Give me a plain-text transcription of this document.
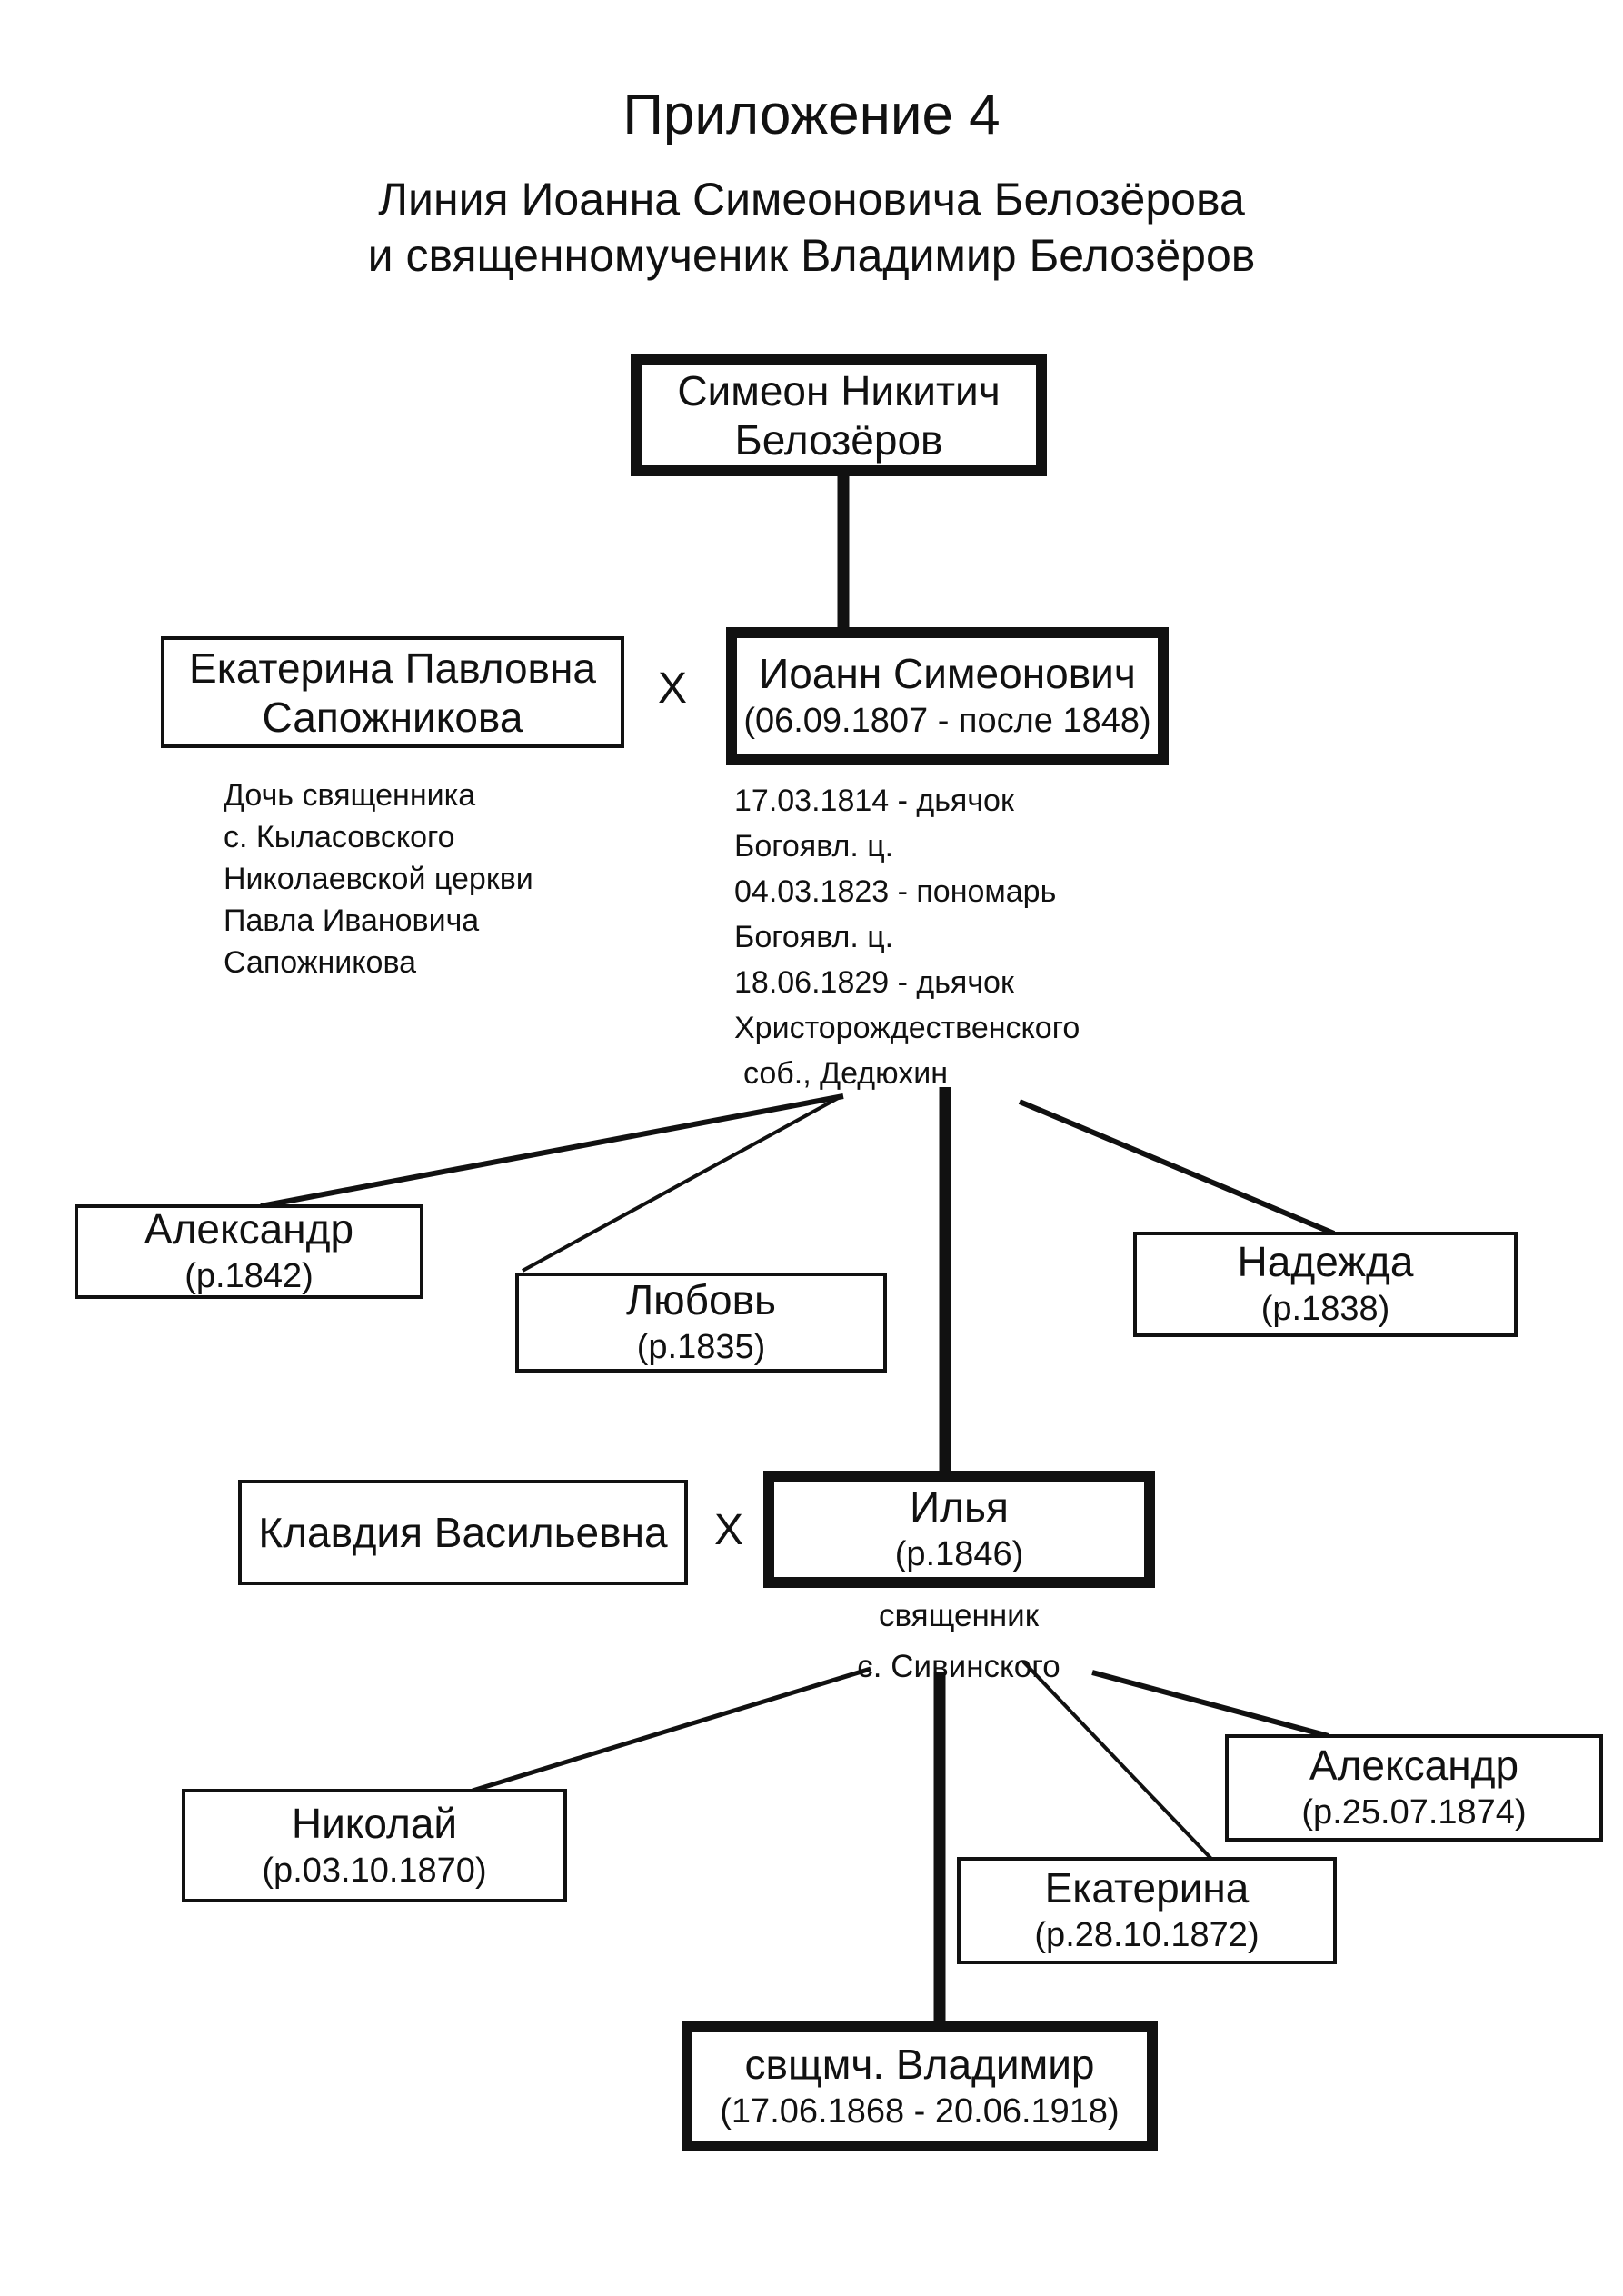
Приложение 4
Линия Иоанна Симеоновича Белозёрова
и священномученик Владимир Белозёров
Симеон Никитич
Белозёров
Екатерина Павловна
Сапожникова
X	Иоанн Симеонович
(06.09.1807 - после 1848)
Дочь священника
с. Кыласовского
Николаевской церкви
Павла Ивановича
Сапожникова
17.03.1814 - дьячок
Богоявл. ц.
04.03.1823 - пономарь
Богоявл. ц.
18.06.1829 - дьячок
Христорождественского
соб., Дедюхин
Александр
(р.1842)	Любовь
(р.1835)
Надежда
(р.1838)
Клавдия Васильевна	X	Илья
(р.1846)
священник
с. Сивинского
Николай
(р.03.10.1870)	Екатерина
(р.28.10.1872)
Александр
(р.25.07.1874)
свщмч. Владимир
(17.06.1868 - 20.06.1918)
